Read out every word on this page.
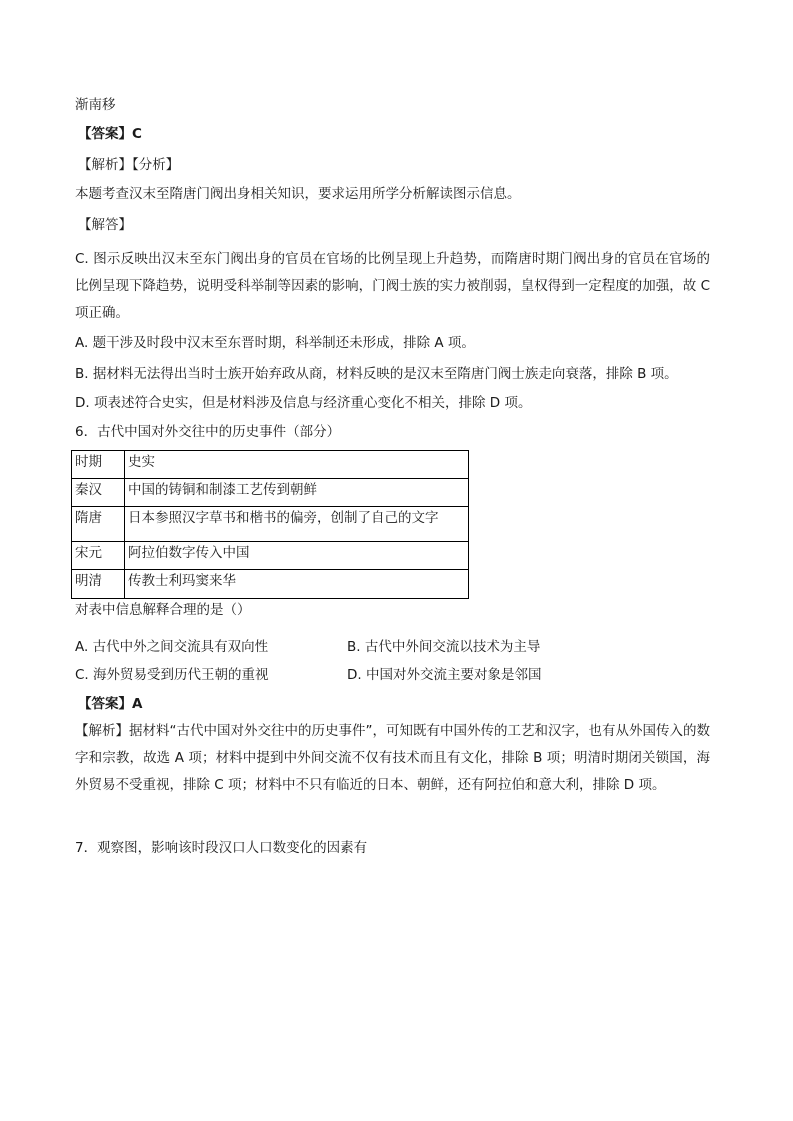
渐南移
【答案】C
【解析】【分析】
本题考查汉末至隋唐门阀出身相关知识，要求运用所学分析解读图示信息。
【解答】
C. 图示反映出汉末至东门阀出身的官员在官场的比例呈现上升趋势，而隋唐时期门阀出身的官员在官场的比例呈现下降趋势，说明受科举制等因素的影响，门阀士族的实力被削弱，皇权得到一定程度的加强，故 C 项正确。
A. 题干涉及时段中汉末至东晋时期，科举制还未形成，排除 A 项。
B. 据材料无法得出当时士族开始弃政从商，材料反映的是汉末至隋唐门阀士族走向衰落，排除 B 项。
D. 项表述符合史实，但是材料涉及信息与经济重心变化不相关，排除 D 项。
6．古代中国对外交往中的历史事件（部分）
时期	史实
秦汉	中国的铸铜和制漆工艺传到朝鲜
隋唐	日本参照汉字草书和楷书的偏旁，创制了自己的文字
宋元	阿拉伯数字传入中国
明清	传教士利玛窦来华
对表中信息解释合理的是（）
A. 古代中外之间交流具有双向性	B. 古代中外间交流以技术为主导
C. 海外贸易受到历代王朝的重视	D. 中国对外交流主要对象是邻国
【答案】A
【解析】据材料“古代中国对外交往中的历史事件”，可知既有中国外传的工艺和汉字，也有从外国传入的数字和宗教，故选 A 项；材料中提到中外间交流不仅有技术而且有文化，排除 B 项；明清时期闭关锁国，海外贸易不受重视，排除 C 项；材料中不只有临近的日本、朝鲜，还有阿拉伯和意大利，排除 D 项。
7．观察图，影响该时段汉口人口数变化的因素有
